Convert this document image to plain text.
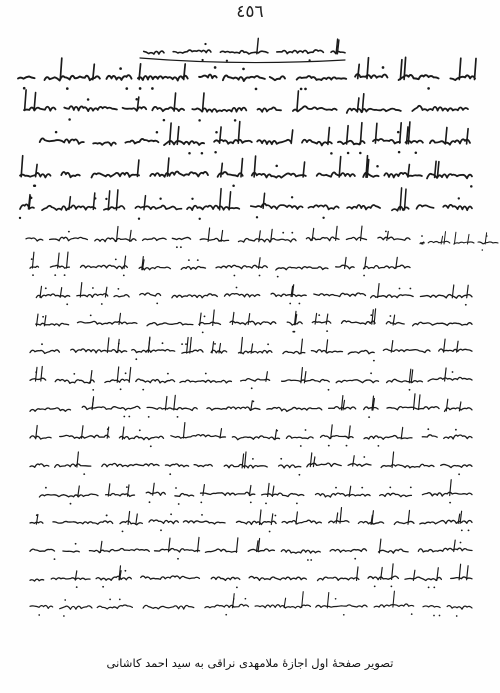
٤٥٦
تصویر صفحهٔ اول اجازهٔ ملامهدی نراقی به سید احمد کاشانی
